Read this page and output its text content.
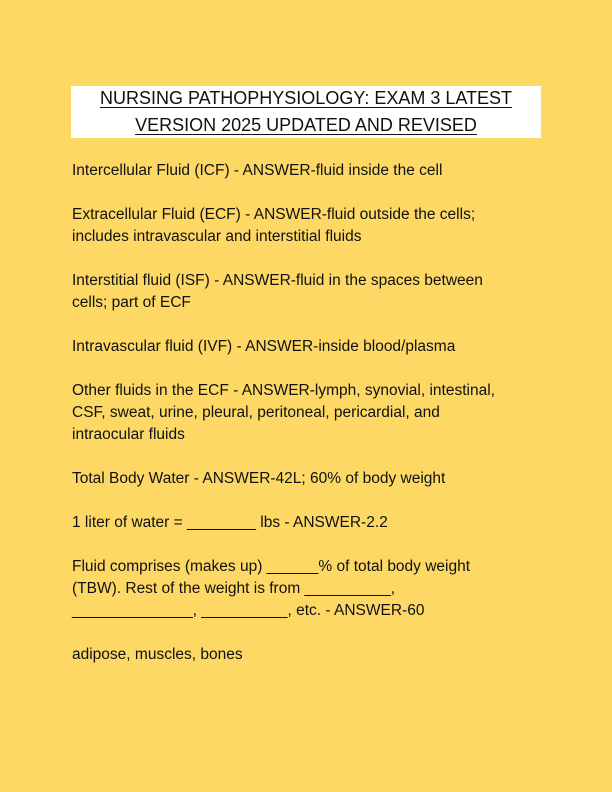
NURSING PATHOPHYSIOLOGY: EXAM 3 LATEST
VERSION 2025 UPDATED AND REVISED
Intercellular Fluid (ICF) - ANSWER-fluid inside the cell
Extracellular Fluid (ECF) - ANSWER-fluid outside the cells;
includes intravascular and interstitial fluids
Interstitial fluid (ISF) - ANSWER-fluid in the spaces between
cells; part of ECF
Intravascular fluid (IVF) - ANSWER-inside blood/plasma
Other fluids in the ECF - ANSWER-lymph, synovial, intestinal,
CSF, sweat, urine, pleural, peritoneal, pericardial, and
intraocular fluids
Total Body Water - ANSWER-42L; 60% of body weight
1 liter of water = ________ lbs - ANSWER-2.2
Fluid comprises (makes up) ______% of total body weight
(TBW). Rest of the weight is from __________,
______________, __________, etc. - ANSWER-60
adipose, muscles, bones
